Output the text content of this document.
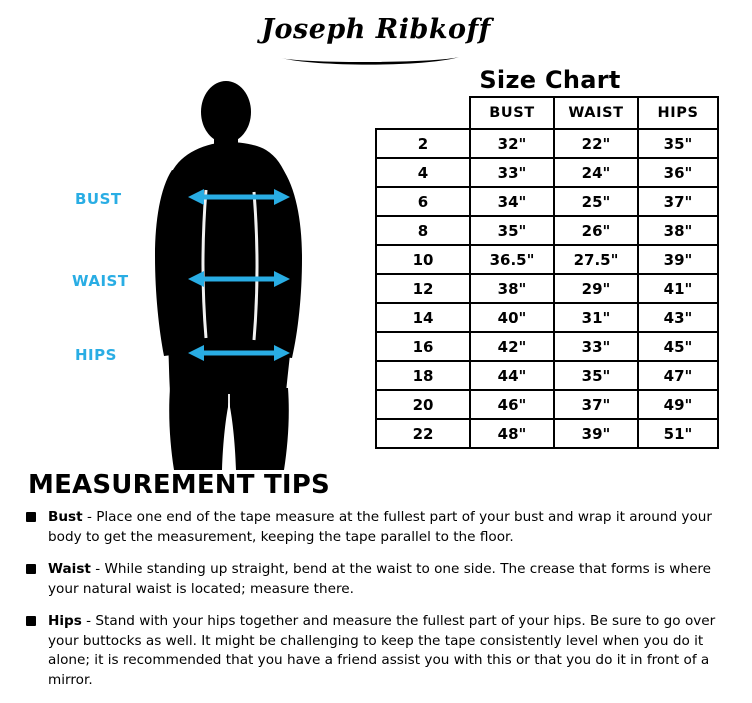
Joseph Ribkoff
BUST
WAIST
HIPS
Size Chart
	BUST	WAIST	HIPS
2	32"	22"	35"
4	33"	24"	36"
6	34"	25"	37"
8	35"	26"	38"
10	36.5"	27.5"	39"
12	38"	29"	41"
14	40"	31"	43"
16	42"	33"	45"
18	44"	35"	47"
20	46"	37"	49"
22	48"	39"	51"
MEASUREMENT TIPS
Bust - Place one end of the tape measure at the fullest part of your bust and wrap it around your body to get the measurement, keeping the tape parallel to the floor.
Waist - While standing up straight, bend at the waist to one side. The crease that forms is where your natural waist is located; measure there.
Hips - Stand with your hips together and measure the fullest part of your hips. Be sure to go over your buttocks as well. It might be challenging to keep the tape consistently level when you do it alone; it is recommended that you have a friend assist you with this or that you do it in front of a mirror.
